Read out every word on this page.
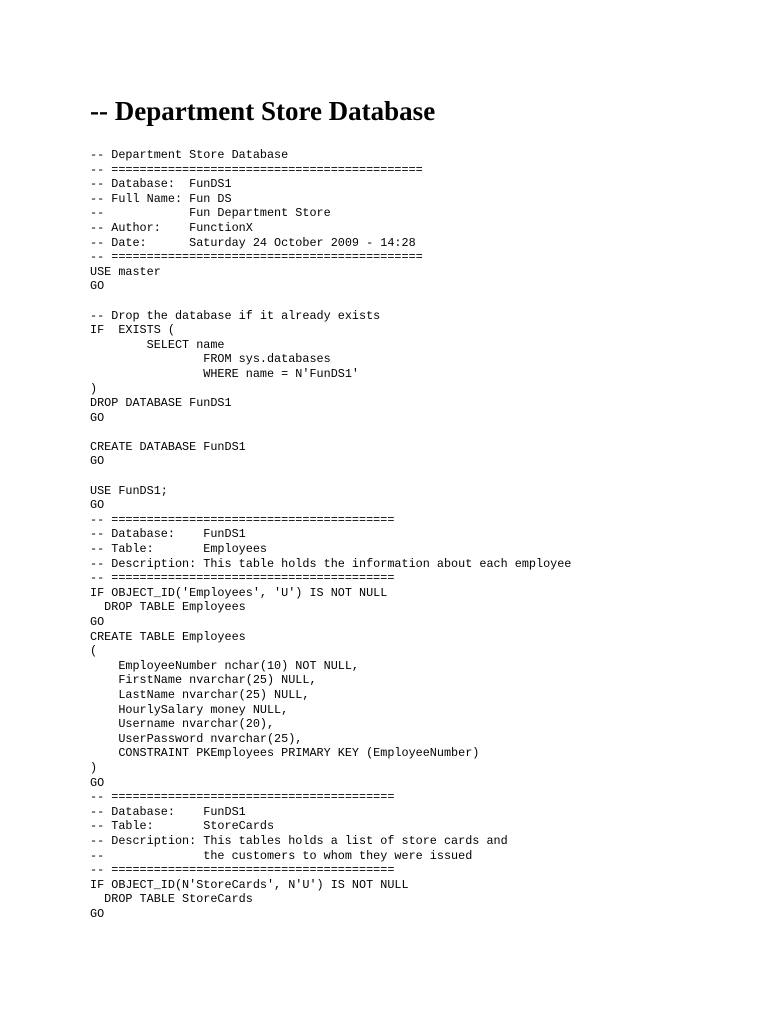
-- Department Store Database
-- Department Store Database
-- ============================================
-- Database:  FunDS1
-- Full Name: Fun DS
--            Fun Department Store
-- Author:    FunctionX
-- Date:      Saturday 24 October 2009 - 14:28
-- ============================================
USE master
GO
-- Drop the database if it already exists
IF  EXISTS (
SELECT name
FROM sys.databases
WHERE name = N'FunDS1'
)
DROP DATABASE FunDS1
GO
CREATE DATABASE FunDS1
GO
USE FunDS1;
GO
-- ========================================
-- Database:    FunDS1
-- Table:       Employees
-- Description: This table holds the information about each employee
-- ========================================
IF OBJECT_ID('Employees', 'U') IS NOT NULL
DROP TABLE Employees
GO
CREATE TABLE Employees
(
EmployeeNumber nchar(10) NOT NULL,
FirstName nvarchar(25) NULL,
LastName nvarchar(25) NULL,
HourlySalary money NULL,
Username nvarchar(20),
UserPassword nvarchar(25),
CONSTRAINT PKEmployees PRIMARY KEY (EmployeeNumber)
)
GO
-- ========================================
-- Database:    FunDS1
-- Table:       StoreCards
-- Description: This tables holds a list of store cards and
--              the customers to whom they were issued
-- ========================================
IF OBJECT_ID(N'StoreCards', N'U') IS NOT NULL
DROP TABLE StoreCards
GO
